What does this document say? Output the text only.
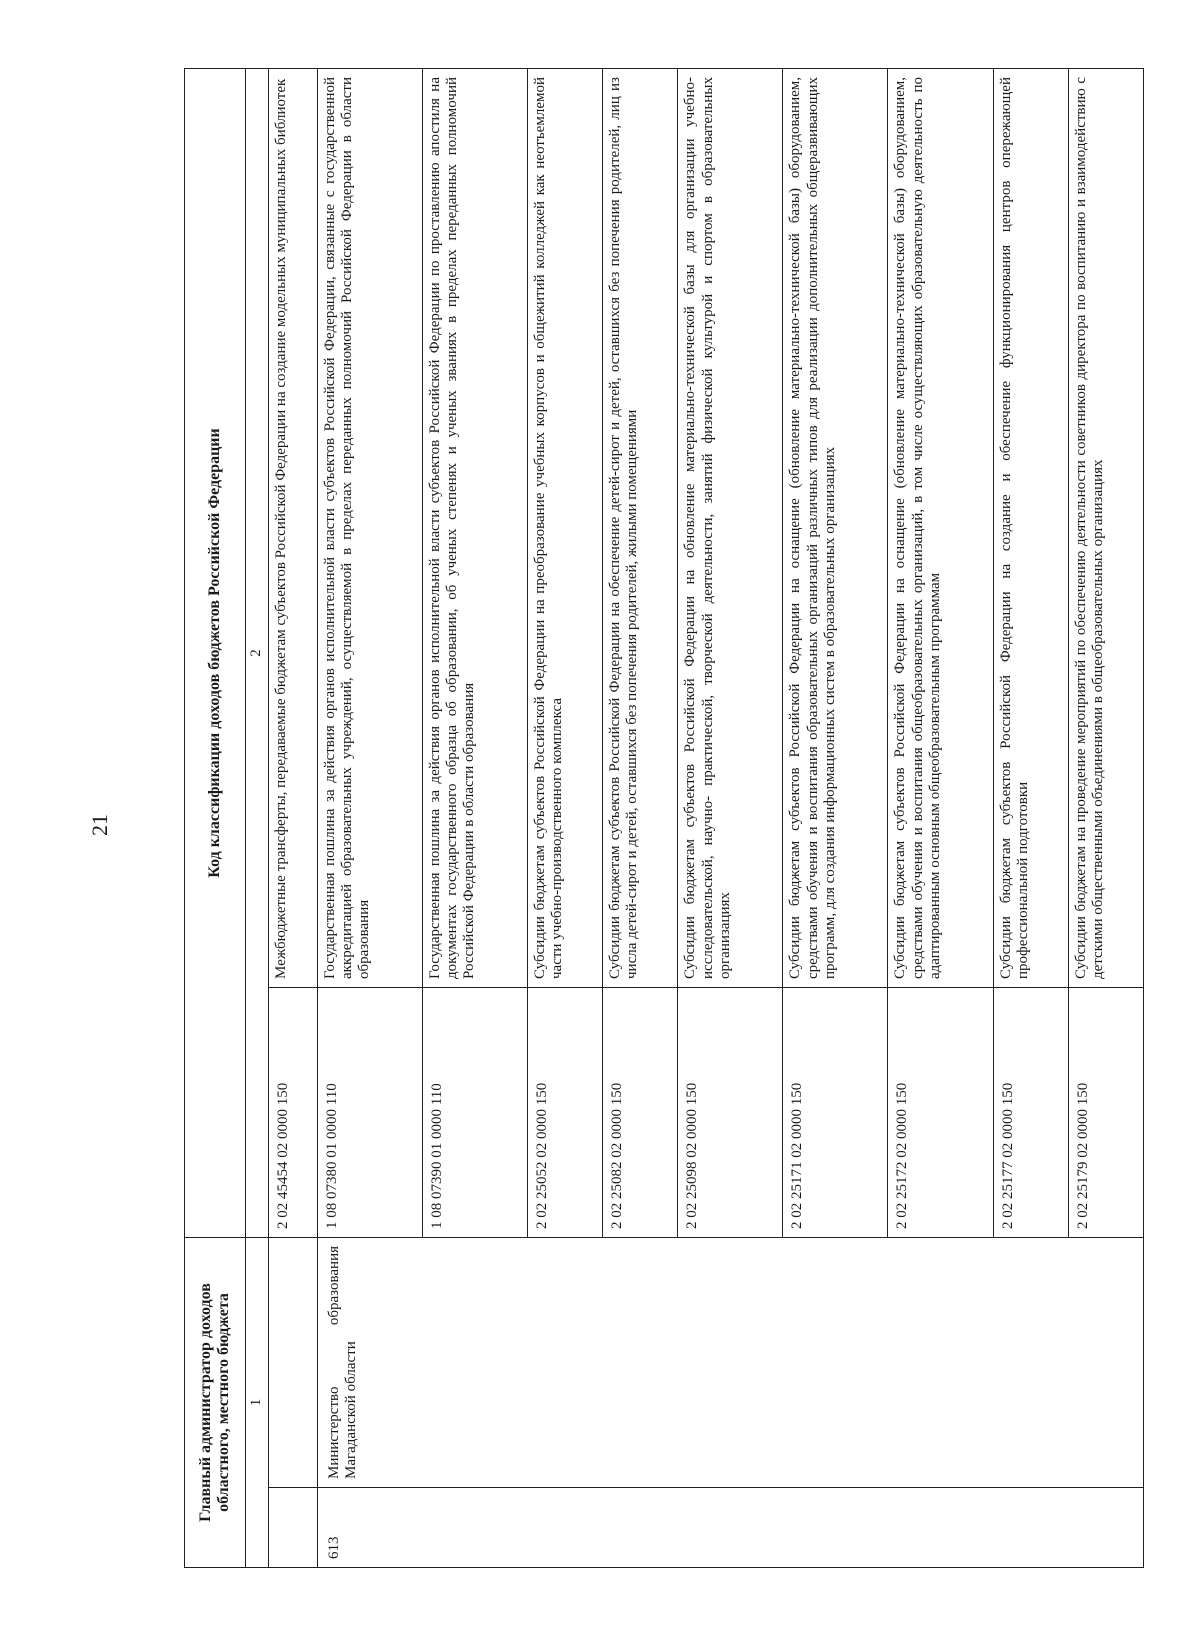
21
Главный администратор доходов областного, местного бюджета		Код классификации доходов бюджетов Российской Федерации	
1		2	
		2 02 45454 02 0000 150	Межбюджетные трансферты, передаваемые бюджетам субъектов Российской Федерации на создание модельных муниципальных библиотек
613	Министерство образования Магаданской области	1 08 07380 01 0000 110	Государственная пошлина за действия органов исполнительной власти субъектов Российской Федерации, связанные с государственной аккредитацией образовательных учреждений, осуществляемой в пределах переданных полномочий Российской Федерации в области образования
		1 08 07390 01 0000 110	Государственная пошлина за действия органов исполнительной власти субъектов Российской Федерации по проставлению апостиля на документах государственного образца об образовании, об ученых степенях и ученых званиях в пределах переданных полномочий Российской Федерации в области образования
		2 02 25052 02 0000 150	Субсидии бюджетам субъектов Российской Федерации на преобразование учебных корпусов и общежитий колледжей как неотъемлемой части учебно-производственного комплекса
		2 02 25082 02 0000 150	Субсидии бюджетам субъектов Российской Федерации на обеспечение детей-сирот и детей, оставшихся без попечения родителей, лиц из числа детей-сирот и детей, оставшихся без попечения родителей, жилыми помещениями
		2 02 25098 02 0000 150	Субсидии бюджетам субъектов Российской Федерации на обновление материально-технической базы для организации учебно-исследовательской, научно- практической, творческой деятельности, занятий физической культурой и спортом в образовательных организациях
		2 02 25171 02 0000 150	Субсидии бюджетам субъектов Российской Федерации на оснащение (обновление материально-технической базы) оборудованием, средствами обучения и воспитания образовательных организаций различных типов для реализации дополнительных общеразвивающих программ, для создания информационных систем в образовательных организациях
		2 02 25172 02 0000 150	Субсидии бюджетам субъектов Российской Федерации на оснащение (обновление материально-технической базы) оборудованием, средствами обучения и воспитания общеобразовательных организаций, в том числе осуществляющих образовательную деятельность по адаптированным основным общеобразовательным программам
		2 02 25177 02 0000 150	Субсидии бюджетам субъектов Российской Федерации на создание и обеспечение функционирования центров опережающей профессиональной подготовки
		2 02 25179 02 0000 150	Субсидии бюджетам на проведение мероприятий по обеспечению деятельности советников директора по воспитанию и взаимодействию с детскими общественными объединениями в общеобразовательных организациях
